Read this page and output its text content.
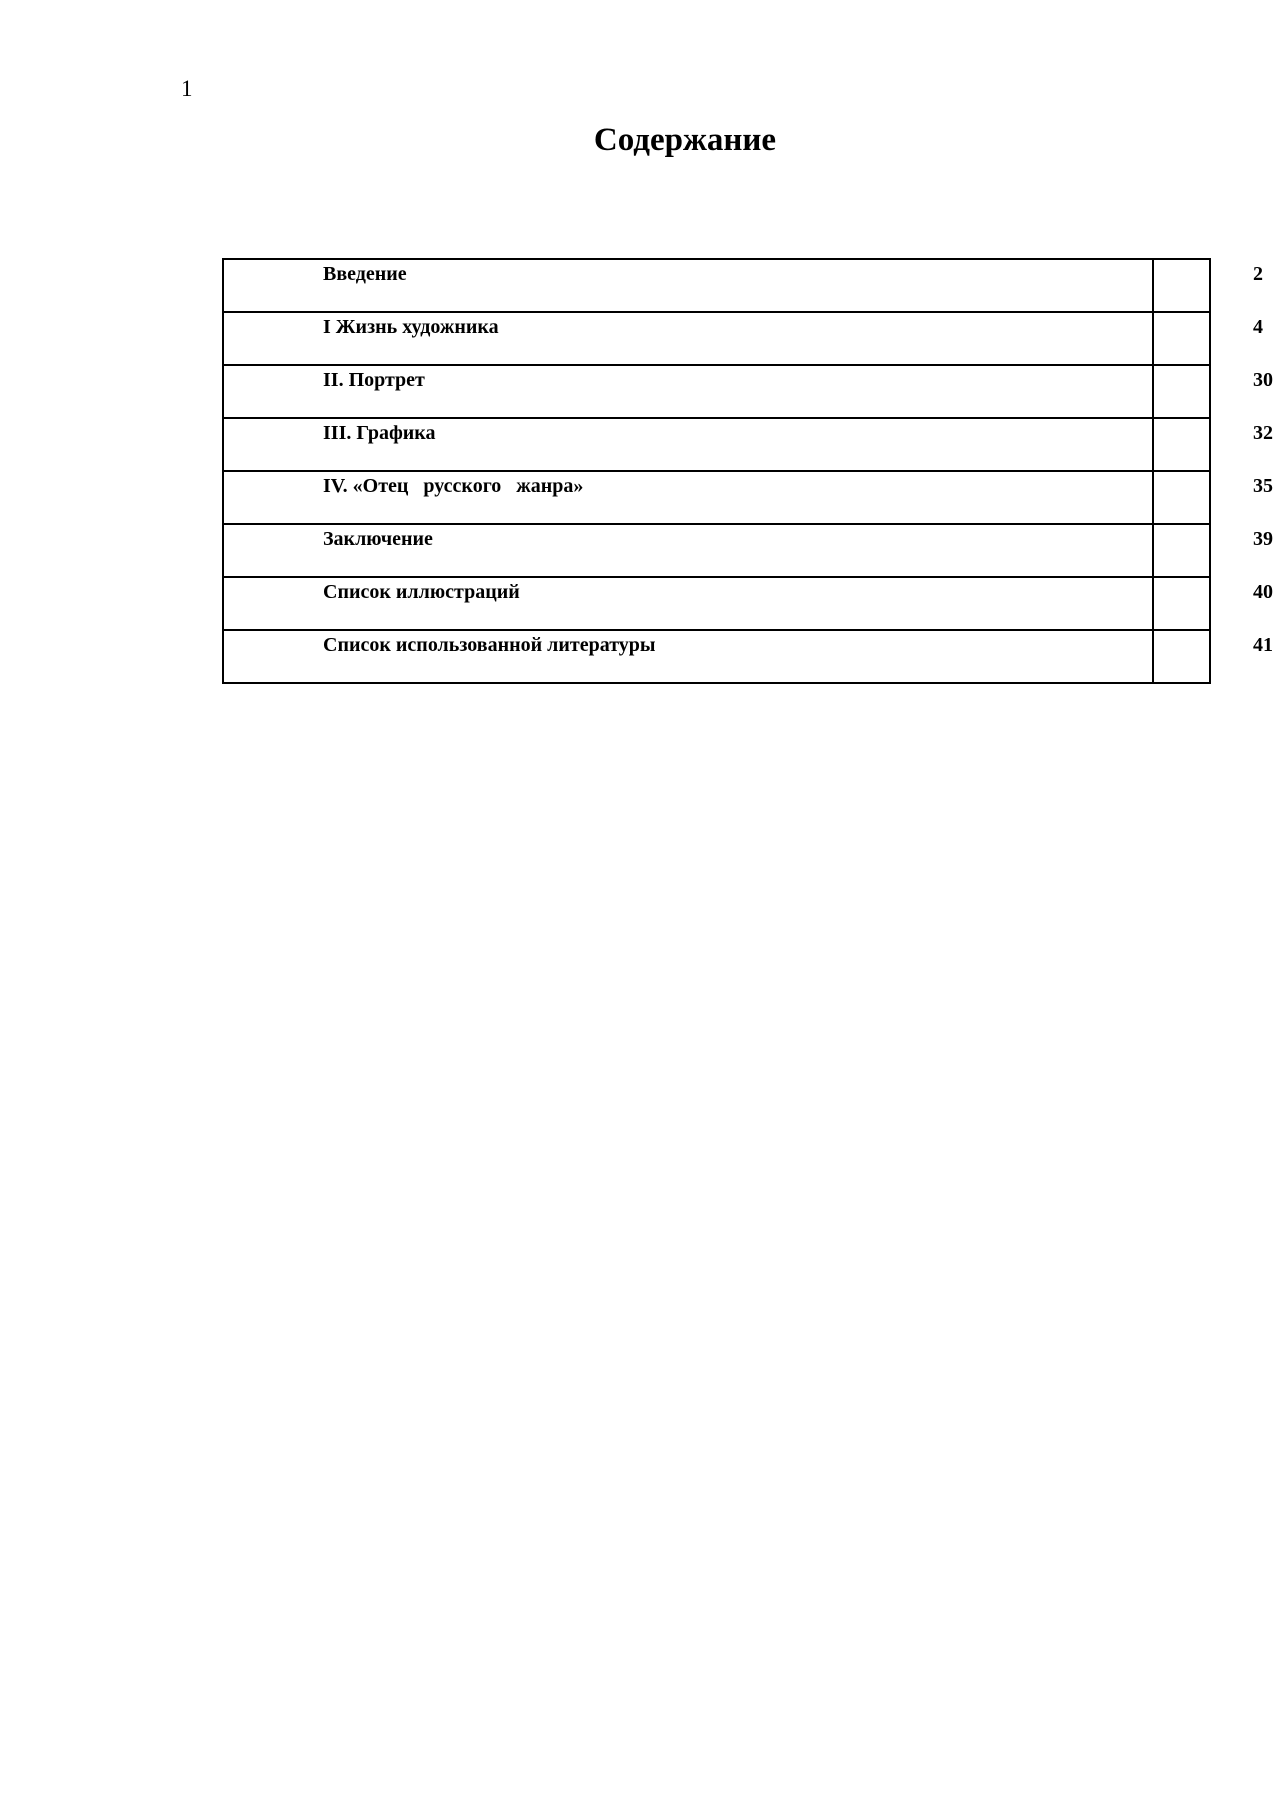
1
Содержание
Введение	2
I Жизнь художника	4
II. Портрет	30
III. Графика	32
IV. «Отец   русского   жанра»	35
Заключение	39
Список иллюстраций	40
Список использованной литературы	41
